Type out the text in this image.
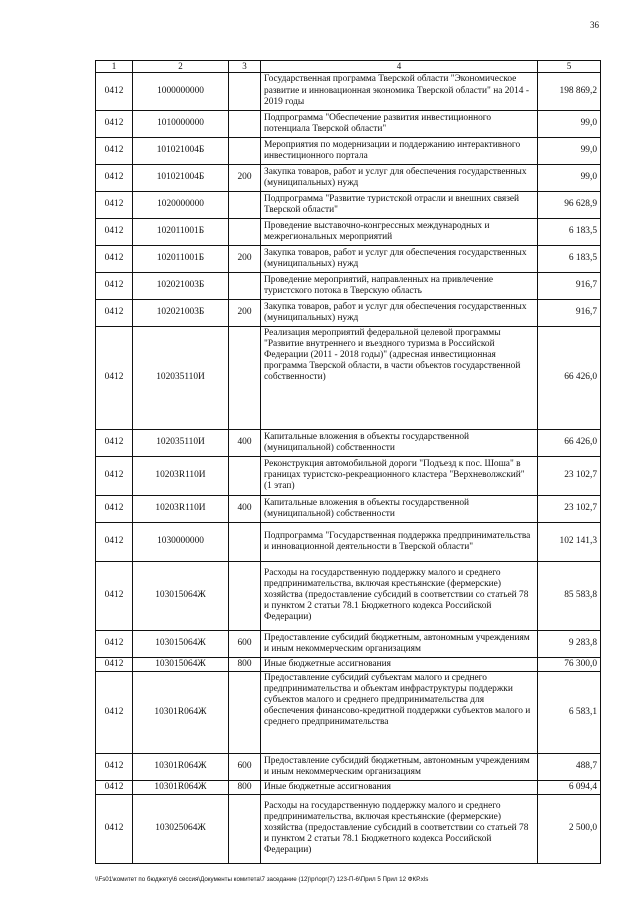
36
1	2	3	4	5
0412	1000000000		Государственная программа Тверской области "Экономическое развитие и инновационная экономика Тверской области" на 2014 - 2019 годы	198 869,2
0412	1010000000		Подпрограмма "Обеспечение развития инвестиционного потенциала Тверской области"	99,0
0412	101021004Б		Мероприятия по модернизации и поддержанию интерактивного инвестиционного портала	99,0
0412	101021004Б	200	Закупка товаров, работ и услуг для обеспечения государственных (муниципальных) нужд	99,0
0412	1020000000		Подпрограмма "Развитие туристской отрасли и внешних связей Тверской области"	96 628,9
0412	102011001Б		Проведение выставочно-конгрессных международных и межрегиональных мероприятий	6 183,5
0412	102011001Б	200	Закупка товаров, работ и услуг для обеспечения государственных (муниципальных) нужд	6 183,5
0412	102021003Б		Проведение мероприятий, направленных на привлечение туристского потока в Тверскую область	916,7
0412	102021003Б	200	Закупка товаров, работ и услуг для обеспечения государственных (муниципальных) нужд	916,7
0412	102035110И		Реализация мероприятий федеральной целевой программы "Развитие внутреннего и въездного туризма в Российской Федерации (2011 - 2018 годы)" (адресная инвестиционная программа Тверской области, в части объектов государственной собственности)	66 426,0
0412	102035110И	400	Капитальные вложения в объекты государственной (муниципальной) собственности	66 426,0
0412	10203R110И		Реконструкция автомобильной дороги "Подъезд к пос. Шоша" в границах туристско-рекреационного кластера "Верхневолжский" (1 этап)	23 102,7
0412	10203R110И	400	Капитальные вложения в объекты государственной (муниципальной) собственности	23 102,7
0412	1030000000		Подпрограмма "Государственная поддержка предпринимательства и инновационной деятельности в Тверской области"	102 141,3
0412	103015064Ж		Расходы на государственную поддержку малого и среднего предпринимательства, включая крестьянские (фермерские) хозяйства (предоставление субсидий в соответствии со статьей 78 и пунктом 2 статьи 78.1 Бюджетного кодекса Российской Федерации)	85 583,8
0412	103015064Ж	600	Предоставление субсидий бюджетным, автономным учреждениям и иным некоммерческим организациям	9 283,8
0412	103015064Ж	800	Иные бюджетные ассигнования	76 300,0
0412	10301R064Ж		Предоставление субсидий субъектам малого и среднего предпринимательства и объектам инфраструктуры поддержки субъектов малого и среднего предпринимательства для обеспечения финансово-кредитной поддержки субъектов малого и среднего предпринимательства	6 583,1
0412	10301R064Ж	600	Предоставление субсидий бюджетным, автономным учреждениям и иным некоммерческим организациям	488,7
0412	10301R064Ж	800	Иные бюджетные ассигнования	6 094,4
0412	103025064Ж		Расходы на государственную поддержку малого и среднего предпринимательства, включая крестьянские (фермерские) хозяйства (предоставление субсидий в соответствии со статьей 78 и пунктом 2 статьи 78.1 Бюджетного кодекса Российской Федерации)	2 500,0
\\Fs01\комитет по бюджету\6 сессия\Документы комитета\7 заседание (12)\pr\opr(7) 123-П-6\Прил 5 Прил 12 ФКР.xls
